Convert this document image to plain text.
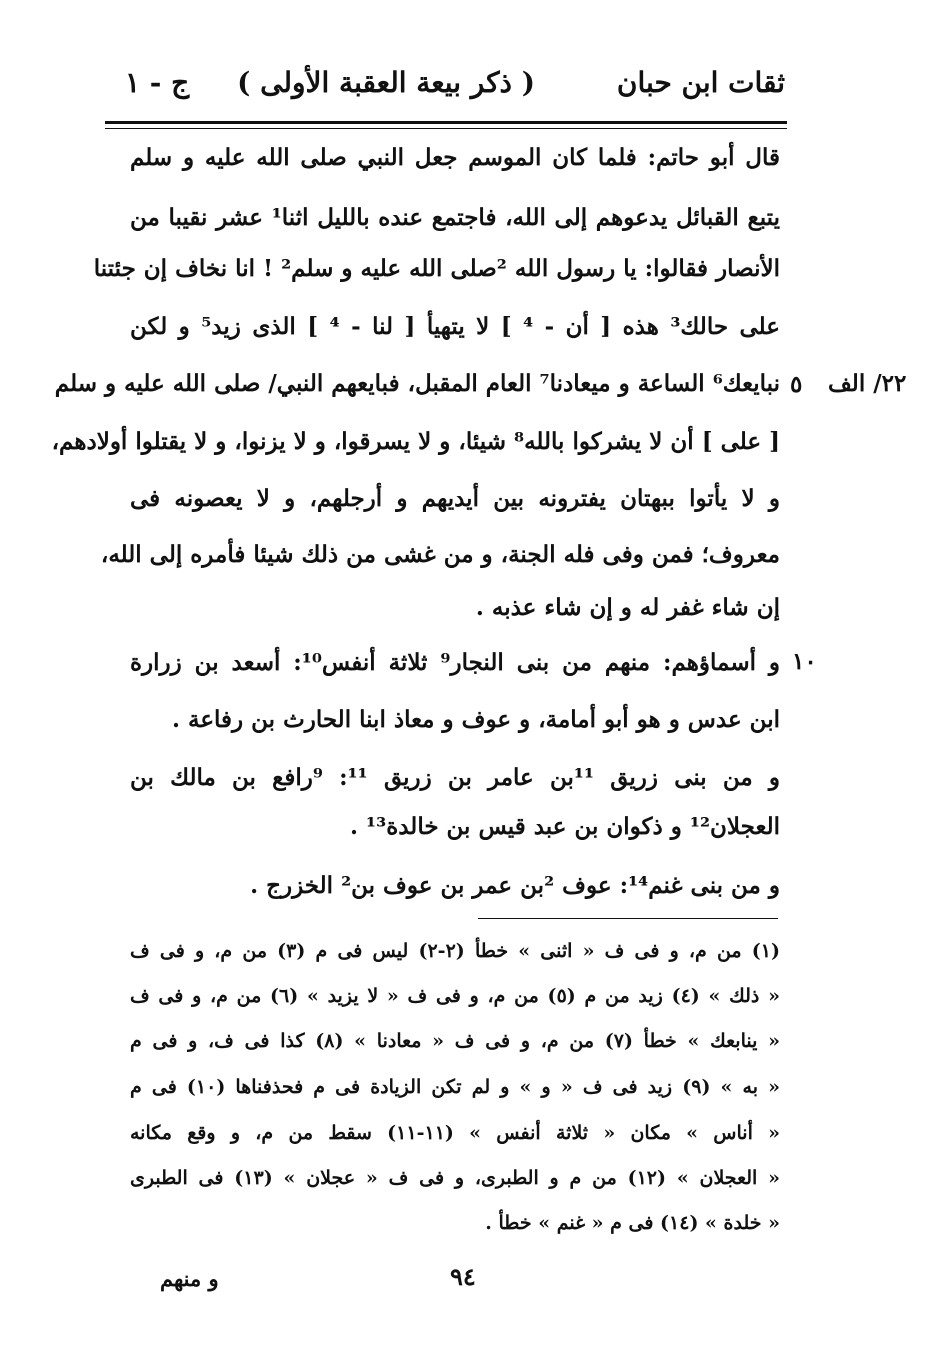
ثقات ابن حبان
( ذكر بيعة العقبة الأولى )
ج - ١
٢٢/ الف
١٠
قال أبو حاتم: فلما كان الموسم جعل النبي صلى الله عليه و سلم
يتبع القبائل يدعوهم إلى الله، فاجتمع عنده بالليل اثنا¹ عشر نقيبا من
الأنصار فقالوا: يا رسول الله ²صلى الله عليه و سلم² ! انا نخاف إن جئتنا
على حالك³ هذه [ أن - ⁴ ] لا يتهيأ [ لنا - ⁴ ] الذى زيد⁵ و لكن
نبايعك⁶ الساعة و ميعادنا⁷ العام المقبل، فبايعهم النبي/ صلى الله عليه و سلم
[ على ] أن لا يشركوا بالله⁸ شيئا، و لا يسرقوا، و لا يزنوا، و لا يقتلوا أولادهم،
و لا يأتوا ببهتان يفترونه بين أيديهم و أرجلهم، و لا يعصونه فى
معروف؛ فمن وفى فله الجنة، و من غشى من ذلك شيئا فأمره إلى الله،
إن شاء غفر له و إن شاء عذبه .
و أسماؤهم: منهم من بنى النجار⁹ ثلاثة أنفس¹⁰: أسعد بن زرارة
ابن عدس و هو أبو أمامة، و عوف و معاذ ابنا الحارث بن رفاعة .
و من بنى زريق ¹¹بن عامر بن زريق ¹¹: ⁹رافع بن مالك بن
العجلان¹² و ذكوان بن عبد قيس بن خالدة¹³ .
و من بنى غنم¹⁴: عوف ²بن عمر بن عوف بن² الخزرج .
(١) من م، و فى ف « اثنى » خطأ (٢-٢) ليس فى م (٣) من م، و فى ف
« ذلك » (٤) زيد من م (٥) من م، و فى ف « لا يزيد » (٦) من م، و فى ف
« ينابعك » خطأ (٧) من م، و فى ف « معادنا » (٨) كذا فى ف، و فى م
« به » (٩) زيد فى ف « و » و لم تكن الزيادة فى م فحذفناها (١٠) فى م
« أناس » مكان « ثلاثة أنفس » (١١-١١) سقط من م، و وقع مكانه
« العجلان » (١٢) من م و الطبرى، و فى ف « عجلان » (١٣) فى الطبرى
« خلدة » (١٤) فى م « غنم » خطأ .
٩٤
و منهم
٥
